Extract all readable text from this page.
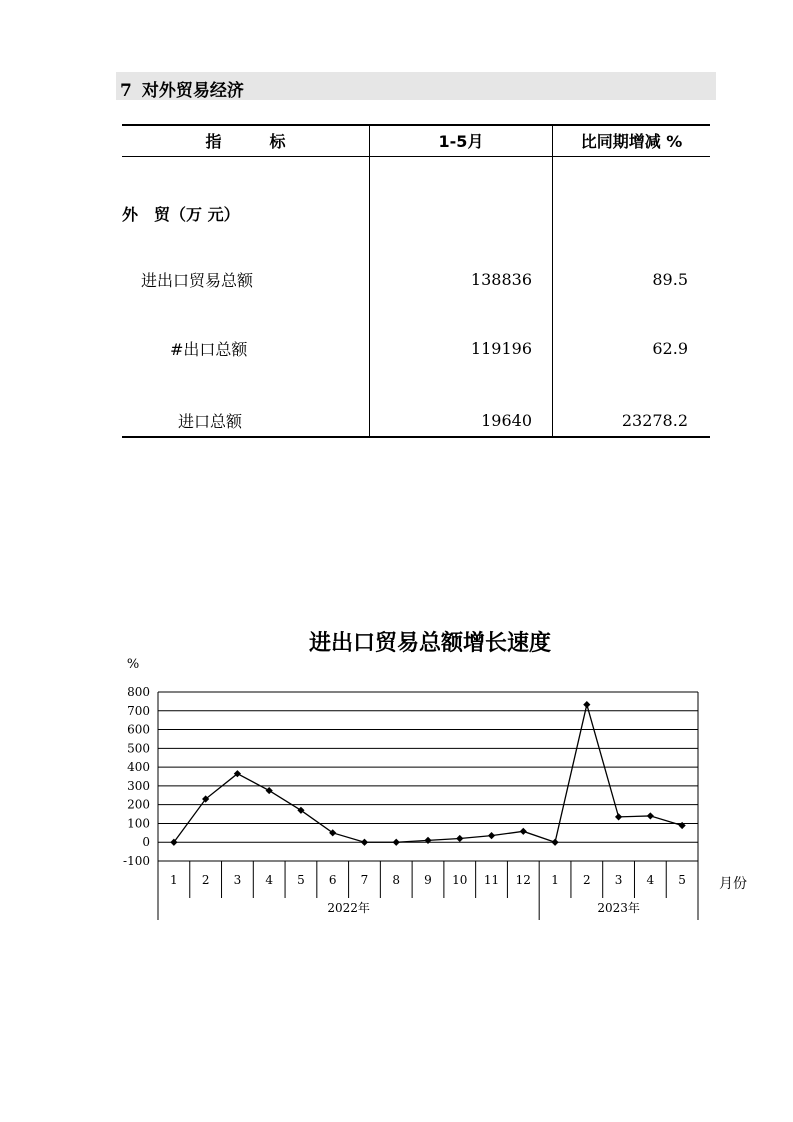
7 对外贸易经济
指　　　标	1-5月	比同期增减 %
外　贸（万 元）
进出口贸易总额	138836	89.5
#出口总额	119196	62.9
进口总额	19640	23278.2
进出口贸易总额增长速度
%
月份
-100
0
100
200
300
400
500
600
700
800
1 2 3 4 5 6 7 8 9 10 11 12 1 2 3 4 5
2022年	2023年
